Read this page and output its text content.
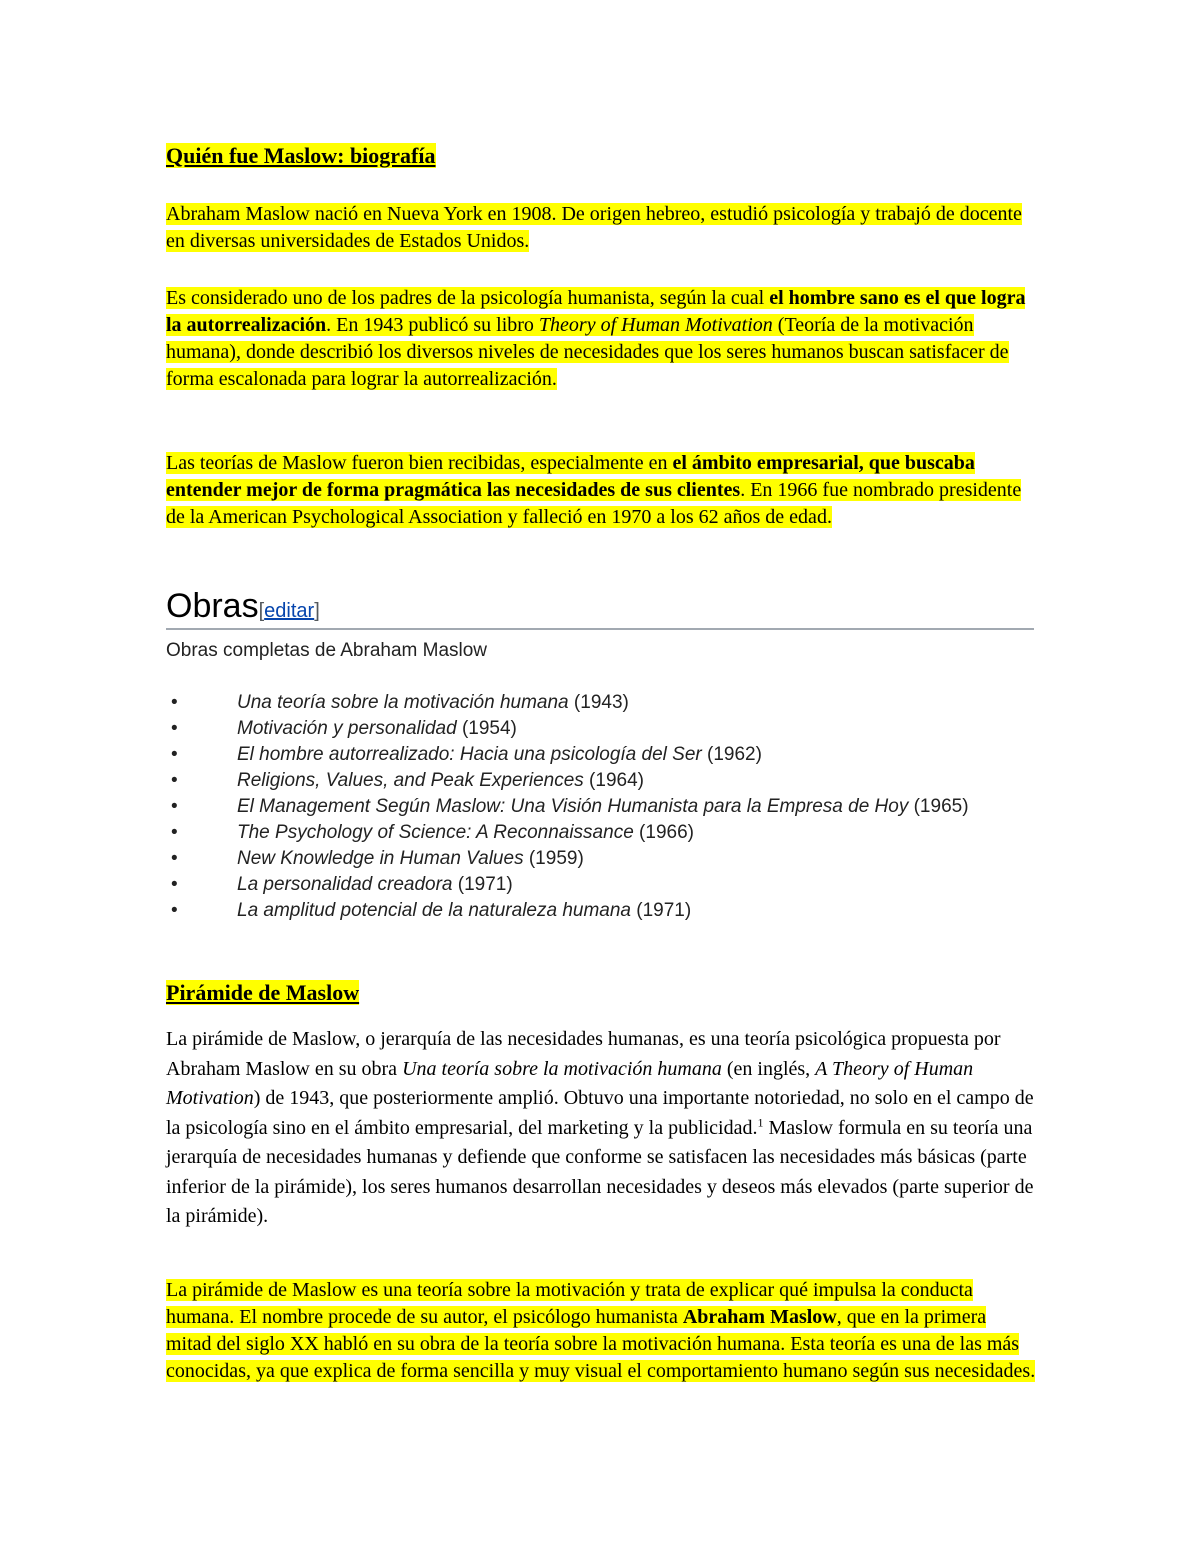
Quién fue Maslow: biografía

Abraham Maslow nació en Nueva York en 1908. De origen hebreo, estudió psicología y trabajó de docente en diversas universidades de Estados Unidos.

Es considerado uno de los padres de la psicología humanista, según la cual el hombre sano es el que logra la autorrealización. En 1943 publicó su libro Theory of Human Motivation (Teoría de la motivación humana), donde describió los diversos niveles de necesidades que los seres humanos buscan satisfacer de forma escalonada para lograr la autorrealización.

Las teorías de Maslow fueron bien recibidas, especialmente en el ámbito empresarial, que buscaba entender mejor de forma pragmática las necesidades de sus clientes. En 1966 fue nombrado presidente de la American Psychological Association y falleció en 1970 a los 62 años de edad.

Obras[editar]
Obras completas de Abraham Maslow
•	Una teoría sobre la motivación humana (1943)
•	Motivación y personalidad (1954)
•	El hombre autorrealizado: Hacia una psicología del Ser (1962)
•	Religions, Values, and Peak Experiences (1964)
•	El Management Según Maslow: Una Visión Humanista para la Empresa de Hoy (1965)
•	The Psychology of Science: A Reconnaissance (1966)
•	New Knowledge in Human Values (1959)
•	La personalidad creadora (1971)
•	La amplitud potencial de la naturaleza humana (1971)
Pirámide de Maslow

La pirámide de Maslow, o jerarquía de las necesidades humanas, es una teoría psicológica propuesta por Abraham Maslow en su obra Una teoría sobre la motivación humana (en inglés, A Theory of Human Motivation) de 1943, que posteriormente amplió. Obtuvo una importante notoriedad, no solo en el campo de la psicología sino en el ámbito empresarial, del marketing y la publicidad.$^1$ Maslow formula en su teoría una jerarquía de necesidades humanas y defiende que conforme se satisfacen las necesidades más básicas (parte inferior de la pirámide), los seres humanos desarrollan necesidades y deseos más elevados (parte superior de la pirámide).

La pirámide de Maslow es una teoría sobre la motivación y trata de explicar qué impulsa la conducta humana. El nombre procede de su autor, el psicólogo humanista Abraham Maslow, que en la primera mitad del siglo XX habló en su obra de la teoría sobre la motivación humana. Esta teoría es una de las más conocidas, ya que explica de forma sencilla y muy visual el comportamiento humano según sus necesidades.
